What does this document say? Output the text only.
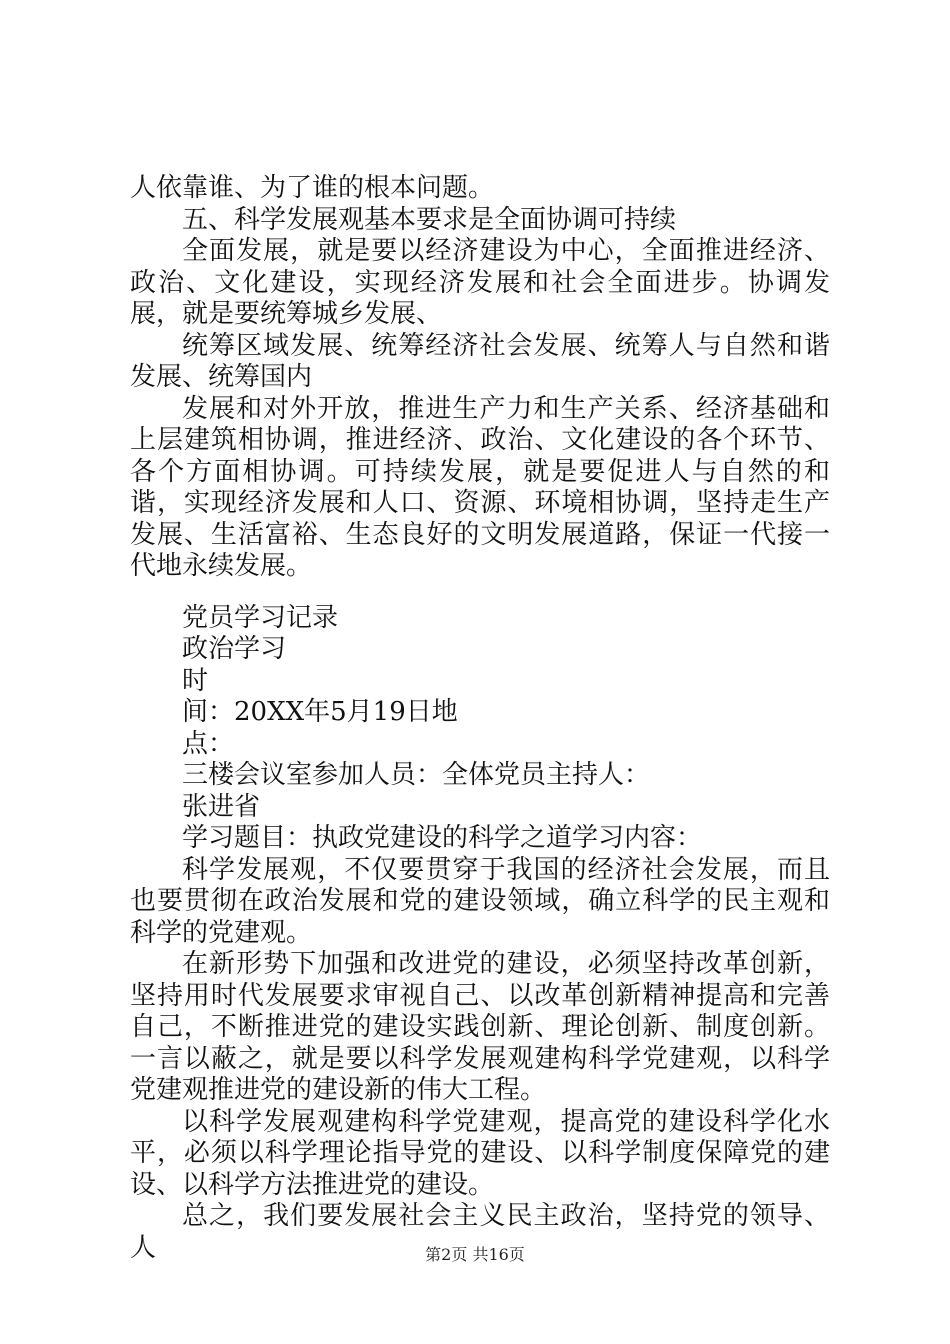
人依靠谁、为了谁的根本问题。

五、科学发展观基本要求是全面协调可持续

全面发展，就是要以经济建设为中心，全面推进经济、政治、文化建设，实现经济发展和社会全面进步。协调发展，就是要统筹城乡发展、

统筹区域发展、统筹经济社会发展、统筹人与自然和谐发展、统筹国内

发展和对外开放，推进生产力和生产关系、经济基础和上层建筑相协调，推进经济、政治、文化建设的各个环节、各个方面相协调。可持续发展，就是要促进人与自然的和谐，实现经济发展和人口、资源、环境相协调，坚持走生产发展、生活富裕、生态良好的文明发展道路，保证一代接一代地永续发展。

党员学习记录

政治学习

时

间：20XX年5月19日地

点：

三楼会议室参加人员：全体党员主持人：

张进省

学习题目：执政党建设的科学之道学习内容：

科学发展观，不仅要贯穿于我国的经济社会发展，而且也要贯彻在政治发展和党的建设领域，确立科学的民主观和科学的党建观。

在新形势下加强和改进党的建设，必须坚持改革创新，坚持用时代发展要求审视自己、以改革创新精神提高和完善自己，不断推进党的建设实践创新、理论创新、制度创新。一言以蔽之，就是要以科学发展观建构科学党建观，以科学党建观推进党的建设新的伟大工程。

以科学发展观建构科学党建观，提高党的建设科学化水平，必须以科学理论指导党的建设、以科学制度保障党的建设、以科学方法推进党的建设。

总之，我们要发展社会主义民主政治，坚持党的领导、人	第2页 共16页
